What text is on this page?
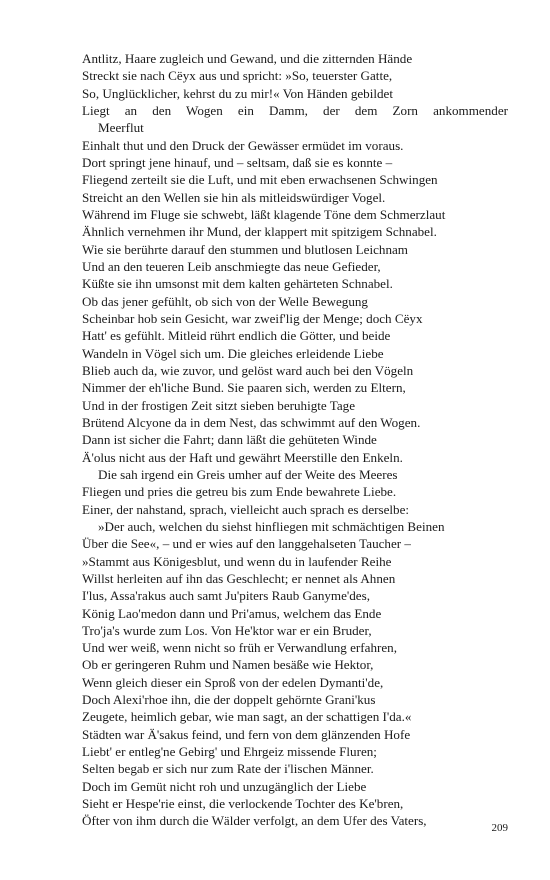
Antlitz, Haare zugleich und Gewand, und die zitternden Hände
Streckt sie nach Cëyx aus und spricht: »So, teuerster Gatte,
So, Unglücklicher, kehrst du zu mir!« Von Händen gebildet
Liegt an den Wogen ein Damm, der dem Zorn ankommender
Meerflut
Einhalt thut und den Druck der Gewässer ermüdet im voraus.
Dort springt jene hinauf, und – seltsam, daß sie es konnte –
Fliegend zerteilt sie die Luft, und mit eben erwachsenen Schwingen
Streicht an den Wellen sie hin als mitleidswürdiger Vogel.
Während im Fluge sie schwebt, läßt klagende Töne dem Schmerzlaut
Ähnlich vernehmen ihr Mund, der klappert mit spitzigem Schnabel.
Wie sie berührte darauf den stummen und blutlosen Leichnam
Und an den teueren Leib anschmiegte das neue Gefieder,
Küßte sie ihn umsonst mit dem kalten gehärteten Schnabel.
Ob das jener gefühlt, ob sich von der Welle Bewegung
Scheinbar hob sein Gesicht, war zweif'lig der Menge; doch Cëyx
Hatt' es gefühlt. Mitleid rührt endlich die Götter, und beide
Wandeln in Vögel sich um. Die gleiches erleidende Liebe
Blieb auch da, wie zuvor, und gelöst ward auch bei den Vögeln
Nimmer der eh'liche Bund. Sie paaren sich, werden zu Eltern,
Und in der frostigen Zeit sitzt sieben beruhigte Tage
Brütend Alcyone da in dem Nest, das schwimmt auf den Wogen.
Dann ist sicher die Fahrt; dann läßt die gehüteten Winde
Ä'olus nicht aus der Haft und gewährt Meerstille den Enkeln.
Die sah irgend ein Greis umher auf der Weite des Meeres
Fliegen und pries die getreu bis zum Ende bewahrete Liebe.
Einer, der nahstand, sprach, vielleicht auch sprach es derselbe:
»Der auch, welchen du siehst hinfliegen mit schmächtigen Beinen
Über die See«, – und er wies auf den langgehalseten Taucher –
»Stammt aus Königesblut, und wenn du in laufender Reihe
Willst herleiten auf ihn das Geschlecht; er nennet als Ahnen
I'lus, Assa'rakus auch samt Ju'piters Raub Ganyme'des,
König Lao'medon dann und Pri'amus, welchem das Ende
Tro'ja's wurde zum Los. Von He'ktor war er ein Bruder,
Und wer weiß, wenn nicht so früh er Verwandlung erfahren,
Ob er geringeren Ruhm und Namen besäße wie Hektor,
Wenn gleich dieser ein Sproß von der edelen Dymanti'de,
Doch Alexi'rhoe ihn, die der doppelt gehörnte Grani'kus
Zeugete, heimlich gebar, wie man sagt, an der schattigen I'da.«
Städten war Ä'sakus feind, und fern von dem glänzenden Hofe
Liebt' er entleg'ne Gebirg' und Ehrgeiz missende Fluren;
Selten begab er sich nur zum Rate der i'lischen Männer.
Doch im Gemüt nicht roh und unzugänglich der Liebe
Sieht er Hespe'rie einst, die verlockende Tochter des Ke'bren,
Öfter von ihm durch die Wälder verfolgt, an dem Ufer des Vaters,	209
